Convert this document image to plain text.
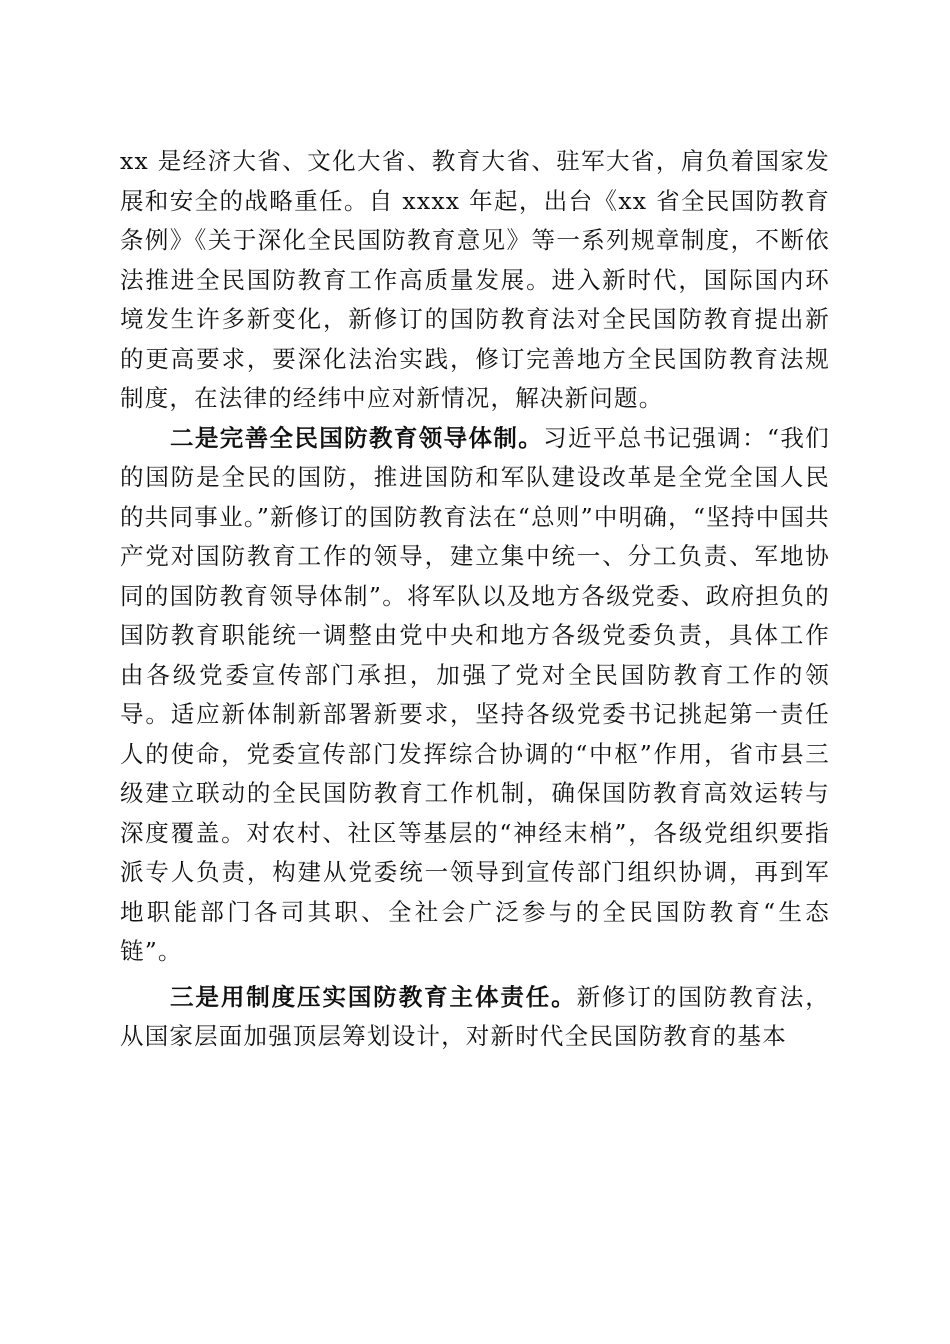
xx 是经济大省、文化大省、教育大省、驻军大省，肩负着国家发展和安全的战略重任。自 xxxx 年起，出台《xx 省全民国防教育条例》《关于深化全民国防教育意见》等一系列规章制度，不断依法推进全民国防教育工作高质量发展。进入新时代，国际国内环境发生许多新变化，新修订的国防教育法对全民国防教育提出新的更高要求，要深化法治实践，修订完善地方全民国防教育法规制度，在法律的经纬中应对新情况，解决新问题。

二是完善全民国防教育领导体制。习近平总书记强调：“我们的国防是全民的国防，推进国防和军队建设改革是全党全国人民的共同事业。”新修订的国防教育法在“总则”中明确，“坚持中国共产党对国防教育工作的领导，建立集中统一、分工负责、军地协同的国防教育领导体制”。将军队以及地方各级党委、政府担负的国防教育职能统一调整由党中央和地方各级党委负责，具体工作由各级党委宣传部门承担，加强了党对全民国防教育工作的领导。适应新体制新部署新要求，坚持各级党委书记挑起第一责任人的使命，党委宣传部门发挥综合协调的“中枢”作用，省市县三级建立联动的全民国防教育工作机制，确保国防教育高效运转与深度覆盖。对农村、社区等基层的“神经末梢”，各级党组织要指派专人负责，构建从党委统一领导到宣传部门组织协调，再到军地职能部门各司其职、全社会广泛参与的全民国防教育“生态链”。

三是用制度压实国防教育主体责任。新修订的国防教育法，从国家层面加强顶层筹划设计，对新时代全民国防教育的基本
